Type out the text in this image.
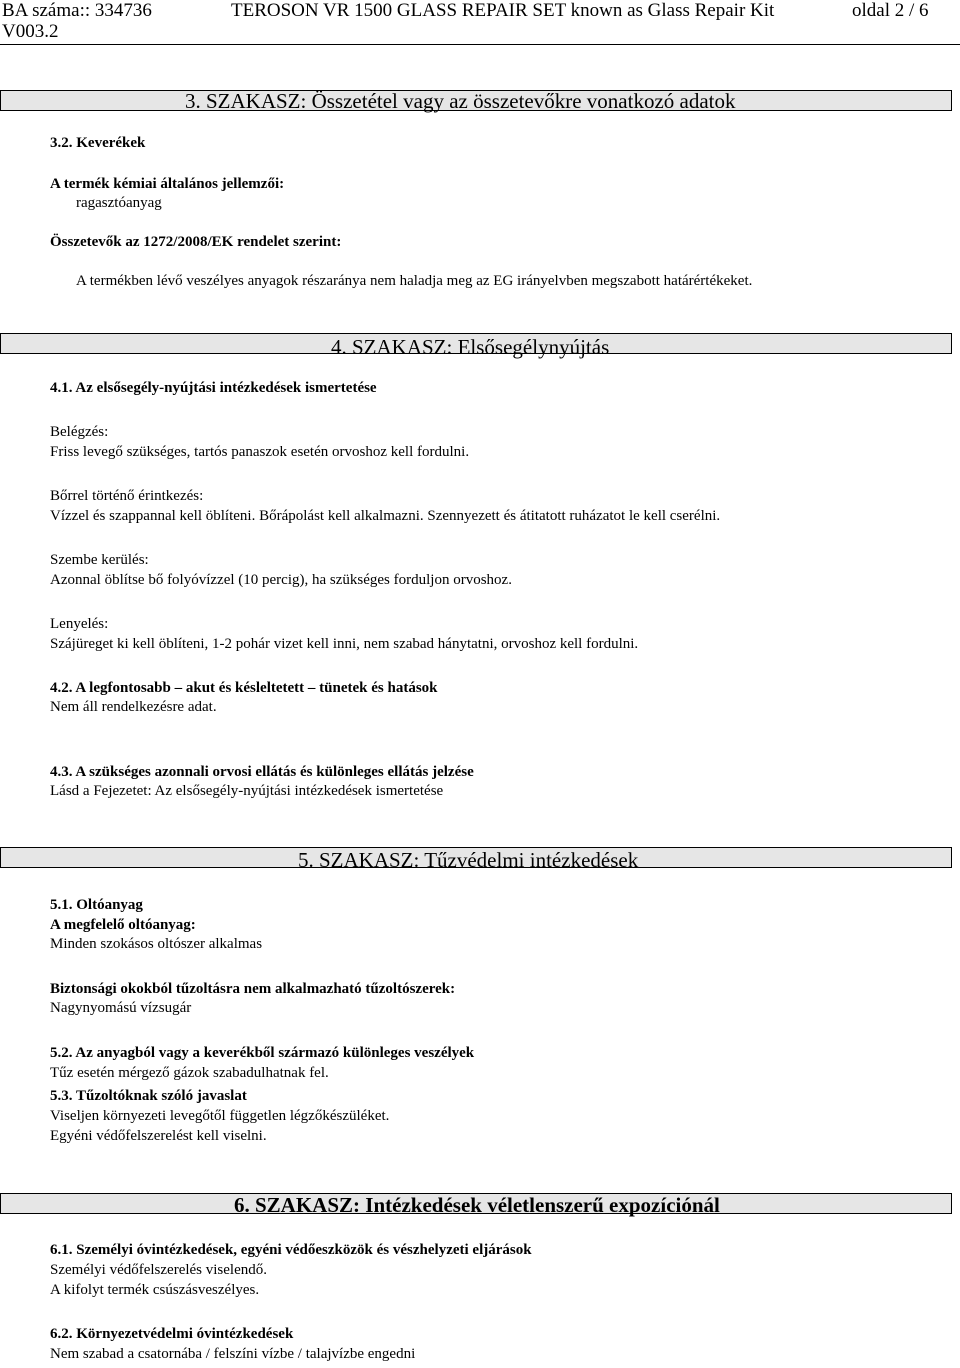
BA száma:: 334736
V003.2
TEROSON VR 1500 GLASS REPAIR SET known as Glass Repair Kit	oldal 2 / 6
3. SZAKASZ: Összetétel vagy az összetevőkre vonatkozó adatok
3.2. Keverékek
A termék kémiai általános jellemzői:
ragasztóanyag
Összetevők az 1272/2008/EK rendelet szerint:
A termékben lévő veszélyes anyagok részaránya nem haladja meg az EG irányelvben megszabott határértékeket.
4. SZAKASZ: Elsősegélynyújtás
4.1. Az elsősegély-nyújtási intézkedések ismertetése
Belégzés:
Friss levegő szükséges, tartós panaszok esetén orvoshoz kell fordulni.
Bőrrel történő érintkezés:
Vízzel és szappannal kell öblíteni. Bőrápolást kell alkalmazni. Szennyezett és átitatott ruházatot le kell cserélni.
Szembe kerülés:
Azonnal öblítse bő folyóvízzel (10 percig), ha szükséges forduljon orvoshoz.
Lenyelés:
Szájüreget ki kell öblíteni, 1-2 pohár vizet kell inni, nem szabad hánytatni, orvoshoz kell fordulni.
4.2. A legfontosabb – akut és késleltetett – tünetek és hatások
Nem áll rendelkezésre adat.
4.3. A szükséges azonnali orvosi ellátás és különleges ellátás jelzése
Lásd a Fejezetet: Az elsősegély-nyújtási intézkedések ismertetése
5. SZAKASZ: Tűzvédelmi intézkedések
5.1. Oltóanyag
A megfelelő oltóanyag:
Minden szokásos oltószer alkalmas
Biztonsági okokból tűzoltásra nem alkalmazható tűzoltószerek:
Nagynyomású vízsugár
5.2. Az anyagból vagy a keverékből származó különleges veszélyek
Tűz esetén mérgező gázok szabadulhatnak fel.
5.3. Tűzoltóknak szóló javaslat
Viseljen környezeti levegőtől független légzőkészüléket.
Egyéni védőfelszerelést kell viselni.
6. SZAKASZ: Intézkedések véletlenszerű expozíciónál
6.1. Személyi óvintézkedések, egyéni védőeszközök és vészhelyzeti eljárások
Személyi védőfelszerelés viselendő.
A kifolyt termék csúszásveszélyes.
6.2. Környezetvédelmi óvintézkedések
Nem szabad a csatornába / felszíni vízbe / talajvízbe engedni
